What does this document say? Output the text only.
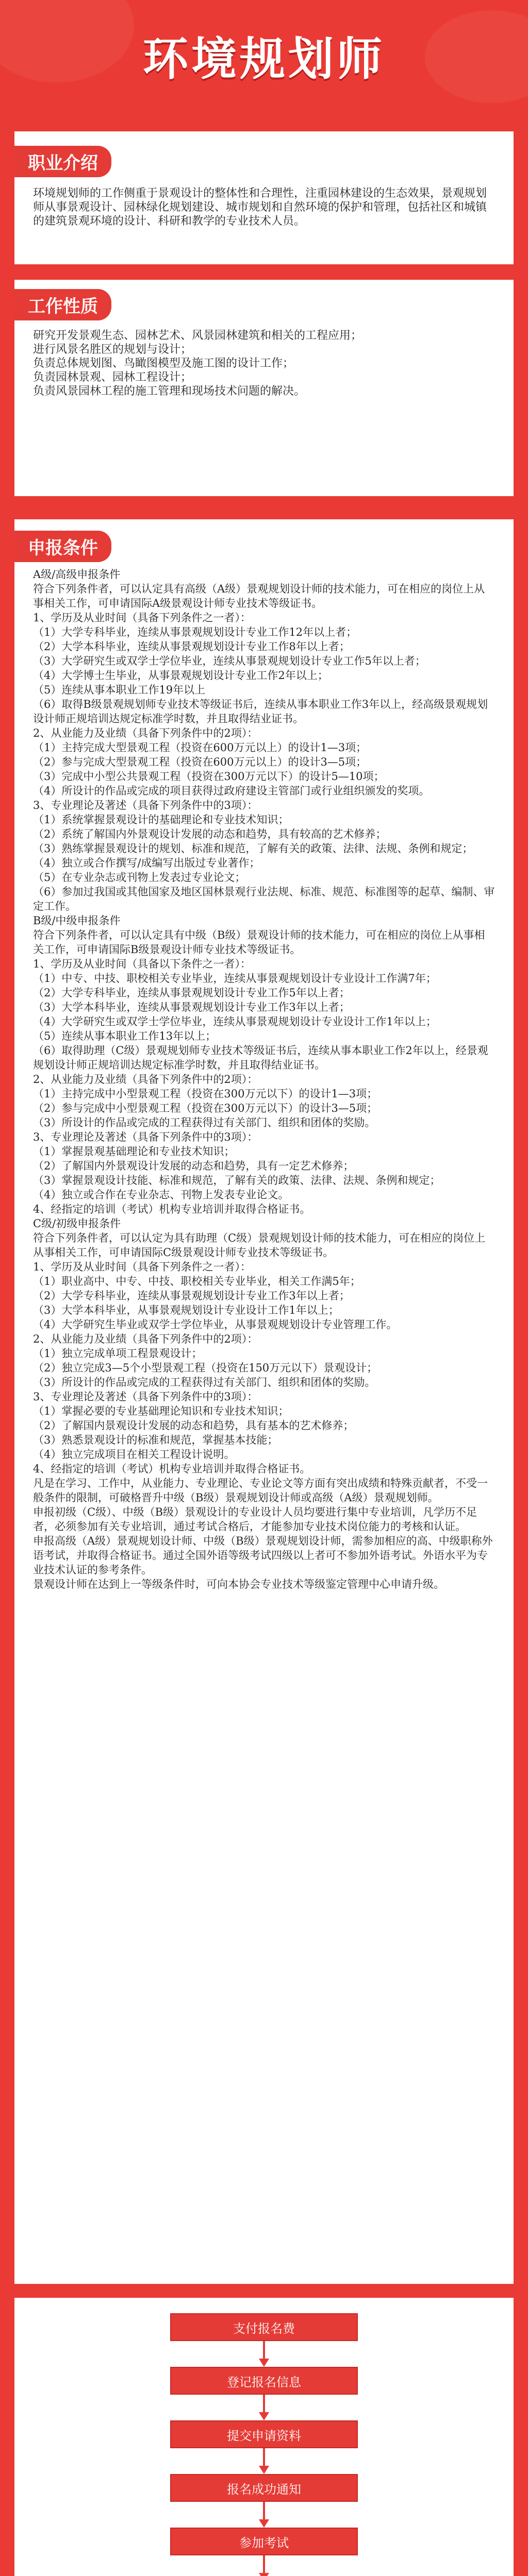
环境规划师
职业介绍
环境规划师的工作侧重于景观设计的整体性和合理性，注重园林建设的生态效果，景观规划师从事景观设计、园林绿化规划建设、城市规划和自然环境的保护和管理，包括社区和城镇的建筑景观环境的设计、科研和教学的专业技术人员。
工作性质
研究开发景观生态、园林艺术、风景园林建筑和相关的工程应用；
进行风景名胜区的规划与设计；
负责总体规划图、鸟瞰图模型及施工图的设计工作；
负责园林景观、园林工程设计；
负责风景园林工程的施工管理和现场技术问题的解决。
申报条件
A级/高级申报条件
符合下列条件者，可以认定具有高级（A级）景观规划设计师的技术能力，可在相应的岗位上从事相关工作，可申请国际A级景观设计师专业技术等级证书。
1、学历及从业时间（具备下列条件之一者）：
（1）大学专科毕业，连续从事景观规划设计专业工作12年以上者；
（2）大学本科毕业，连续从事景观规划设计专业工作8年以上者；
（3）大学研究生或双学士学位毕业，连续从事景观规划设计专业工作5年以上者；
（4）大学博士生毕业，从事景观规划设计专业工作2年以上；
（5）连续从事本职业工作19年以上
（6）取得B级景观规划师专业技术等级证书后，连续从事本职业工作3年以上，经高级景观规划设计师正规培训达规定标准学时数，并且取得结业证书。
2、从业能力及业绩（具备下列条件中的2项）：
（1）主持完成大型景观工程（投资在600万元以上）的设计1—3项；
（2）参与完成大型景观工程（投资在600万元以上）的设计3—5项；
（3）完成中小型公共景观工程（投资在300万元以下）的设计5—10项；
（4）所设计的作品或完成的项目获得过政府建设主管部门或行业组织颁发的奖项。
3、专业理论及著述（具备下列条件中的3项）：
（1）系统掌握景观设计的基础理论和专业技术知识；
（2）系统了解国内外景观设计发展的动态和趋势，具有较高的艺术修养；
（3）熟练掌握景观设计的规划、标准和规范，了解有关的政策、法律、法规、条例和规定；
（4）独立或合作撰写/成编写出版过专业著作；
（5）在专业杂志或刊物上发表过专业论文；
（6）参加过我国或其他国家及地区国林景观行业法规、标准、规范、标准图等的起草、编制、审定工作。
B级/中级申报条件
符合下列条件者，可以认定具有中级（B级）景观设计师的技术能力，可在相应的岗位上从事相关工作，可申请国际B级景观设计师专业技术等级证书。
1、学历及从业时间（具备以下条件之一者）：
（1）中专、中技、职校相关专业毕业，连续从事景观规划设计专业设计工作满7年；
（2）大学专科毕业，连续从事景观规划设计专业工作5年以上者；
（3）大学本科毕业，连续从事景观规划设计专业工作3年以上者；
（4）大学研究生或双学士学位毕业，连续从事景观规划设计专业设计工作1年以上；
（5）连续从事本职业工作13年以上；
（6）取得助理（C级）景观规划师专业技术等级证书后，连续从事本职业工作2年以上，经景观规划设计师正规培训达规定标准学时数，并且取得结业证书。
2、从业能力及业绩（具备下列条件中的2项）：
（1）主持完成中小型景观工程（投资在300万元以下）的设计1—3项；
（2）参与完成中小型景观工程（投资在300万元以下）的设计3—5项；
（3）所设计的作品或完成的工程获得过有关部门、组织和团体的奖励。
3、专业理论及著述（具备下列条件中的3项）：
（1）掌握景观基础理论和专业技术知识；
（2）了解国内外景观设计发展的动态和趋势，具有一定艺术修养；
（3）掌握景观设计技能、标准和规范，了解有关的政策、法律、法规、条例和规定；
（4）独立或合作在专业杂志、刊物上发表专业论文。
4、经指定的培训（考试）机构专业培训并取得合格证书。
C级/初级申报条件
符合下列条件者，可以认定为具有助理（C级）景观规划设计师的技术能力，可在相应的岗位上从事相关工作，可申请国际C级景观设计师专业技术等级证书。
1、学历及从业时间（具备下列条件之一者）：
（1）职业高中、中专、中技、职校相关专业毕业，相关工作满5年；
（2）大学专科毕业，连续从事景观规划设计专业工作3年以上者；
（3）大学本科毕业，从事景观规划设计专业设计工作1年以上；
（4）大学研究生毕业或双学士学位毕业，从事景观规划设计专业管理工作。
2、从业能力及业绩（具备下列条件中的2项）：
（1）独立完成单项工程景观设计；
（2）独立完成3—5个小型景观工程（投资在150万元以下）景观设计；
（3）所设计的作品或完成的工程获得过有关部门、组织和团体的奖励。
3、专业理论及著述（具备下列条件中的3项）：
（1）掌握必要的专业基础理论知识和专业技术知识；
（2）了解国内景观设计发展的动态和趋势，具有基本的艺术修养；
（3）熟悉景观设计的标准和规范，掌握基本技能；
（4）独立完成项目在相关工程设计说明。
4、经指定的培训（考试）机构专业培训并取得合格证书。
凡是在学习、工作中，从业能力、专业理论、专业论文等方面有突出成绩和特殊贡献者，不受一般条件的限制，可破格晋升中级（B级）景观规划设计师或高级（A级）景观规划师。
申报初级（C级）、中级（B级）景观设计的专业设计人员均要进行集中专业培训，凡学历不足者，必须参加有关专业培训，通过考试合格后，才能参加专业技术岗位能力的考核和认证。
申报高级（A级）景观规划设计师、中级（B级）景观规划设计师，需参加相应的高、中级职称外语考试，并取得合格证书。通过全国外语等级考试四级以上者可不参加外语考试。外语水平为专业技术认证的参考条件。
景观设计师在达到上一等级条件时，可向本协会专业技术等级鉴定管理中心申请升级。
支付报名费
登记报名信息
提交申请资料
报名成功通知
参加考试
